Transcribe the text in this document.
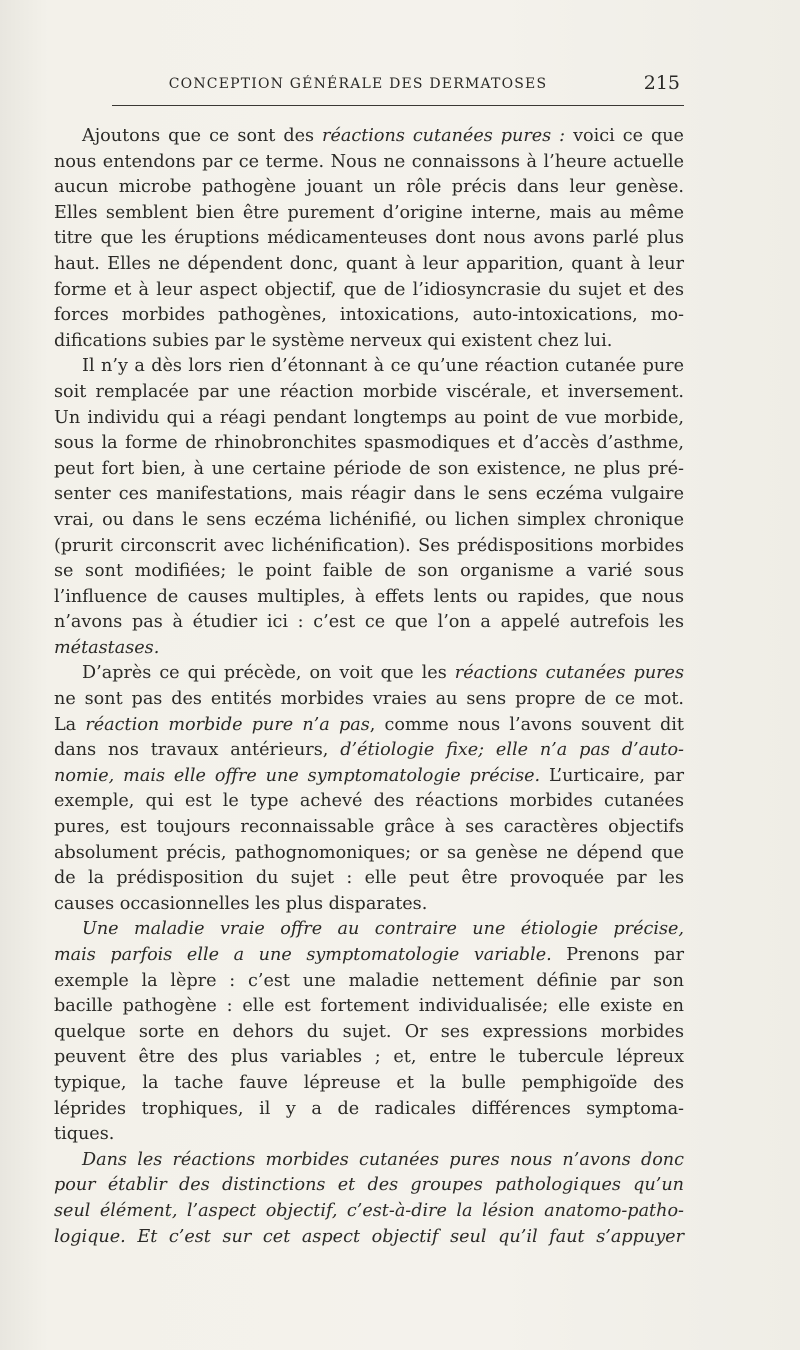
CONCEPTION GÉNÉRALE DES DERMATOSES	215
Ajoutons que ce sont des réactions cutanées pures : voici ce que
nous entendons par ce terme. Nous ne connaissons à l’heure actuelle
aucun microbe pathogène jouant un rôle précis dans leur genèse.
Elles semblent bien être purement d’origine interne, mais au même
titre que les éruptions médicamenteuses dont nous avons parlé plus
haut. Elles ne dépendent donc, quant à leur apparition, quant à leur
forme et à leur aspect objectif, que de l’idiosyncrasie du sujet et des
forces morbides pathogènes, intoxications, auto-intoxications, mo-
difications subies par le système nerveux qui existent chez lui.
Il n’y a dès lors rien d’étonnant à ce qu’une réaction cutanée pure
soit remplacée par une réaction morbide viscérale, et inversement.
Un individu qui a réagi pendant longtemps au point de vue morbide,
sous la forme de rhinobronchites spasmodiques et d’accès d’asthme,
peut fort bien, à une certaine période de son existence, ne plus pré-
senter ces manifestations, mais réagir dans le sens eczéma vulgaire
vrai, ou dans le sens eczéma lichénifié, ou lichen simplex chronique
(prurit circonscrit avec lichénification). Ses prédispositions morbides
se sont modifiées; le point faible de son organisme a varié sous
l’influence de causes multiples, à effets lents ou rapides, que nous
n’avons pas à étudier ici : c’est ce que l’on a appelé autrefois les
métastases.
D’après ce qui précède, on voit que les réactions cutanées pures
ne sont pas des entités morbides vraies au sens propre de ce mot.
La réaction morbide pure n’a pas, comme nous l’avons souvent dit
dans nos travaux antérieurs, d’étiologie fixe; elle n’a pas d’auto-
nomie, mais elle offre une symptomatologie précise. L’urticaire, par
exemple, qui est le type achevé des réactions morbides cutanées
pures, est toujours reconnaissable grâce à ses caractères objectifs
absolument précis, pathognomoniques; or sa genèse ne dépend que
de la prédisposition du sujet : elle peut être provoquée par les
causes occasionnelles les plus disparates.
Une maladie vraie offre au contraire une étiologie précise,
mais parfois elle a une symptomatologie variable. Prenons par
exemple la lèpre : c’est une maladie nettement définie par son
bacille pathogène : elle est fortement individualisée; elle existe en
quelque sorte en dehors du sujet. Or ses expressions morbides
peuvent être des plus variables ; et, entre le tubercule lépreux
typique, la tache fauve lépreuse et la bulle pemphigoïde des
léprides trophiques, il y a de radicales différences symptoma-
tiques.
Dans les réactions morbides cutanées pures nous n’avons donc
pour établir des distinctions et des groupes pathologiques qu’un
seul élément, l’aspect objectif, c’est-à-dire la lésion anatomo-patho-
logique. Et c’est sur cet aspect objectif seul qu’il faut s’appuyer
